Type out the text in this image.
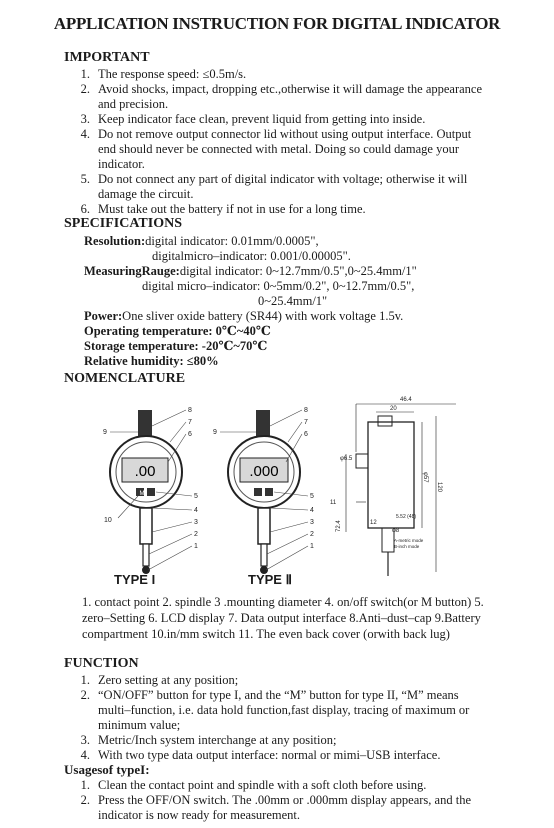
APPLICATION INSTRUCTION FOR DIGITAL INDICATOR
IMPORTANT
1. The response speed: ≤0.5m/s.
2. Avoid shocks, impact, dropping etc.,otherwise it will damage the appearance and precision.
3. Keep indicator face clean, prevent liquid from getting into inside.
4. Do not remove output connector lid without using output interface. Output end should never be connected with metal. Doing so could damage your indicator.
5. Do not connect any part of digital indicator with voltage; otherwise it will damage the circuit.
6. Must take out the battery if not in use for a long time.
SPECIFICATIONS
Resolution:digital indicator: 0.01mm/0.0005",
digitalmicro–indicator: 0.001/0.00005".
MeasuringRauge:digital indicator: 0~12.7mm/0.5",0~25.4mm/1"
digital micro–indicator: 0~5mm/0.2", 0~12.7mm/0.5",
0~25.4mm/1"
Power:One sliver oxide battery (SR44) with work voltage 1.5v.
Operating temperature: 0℃~40℃
Storage temperature: -20℃~70℃
Relative humidity: ≤80%
NOMENCLATURE
.00
M
9
8
7
6
5
4
3
2
1
10
.000
9
8
7
6
5
4
3
2
1
46.4
20
φ6.5
φ57
120
72.4
11
12
5.52 (48)
φ8
A-metric mode
B-inch mode
TYPE I	TYPE Ⅱ
1. contact point 2. spindle 3 .mounting diameter 4. on/off switch(or M button) 5. zero–Setting 6. LCD display 7. Data output interface 8.Anti–dust–cap 9.Battery compartment 10.in/mm switch 11. The even back cover (orwith back lug)
FUNCTION
1. Zero setting at any position;
2. “ON/OFF” button for type I, and the “M” button for type II, “M” means multi–function, i.e. data hold function,fast display, tracing of maximum or minimum value;
3. Metric/Inch system interchange at any position;
4. With two type data output interface: normal or mimi–USB interface.
Usagesof typeI:
1. Clean the contact point and spindle with a soft cloth before using.
2. Press the OFF/ON switch. The .00mm or .000mm display appears, and the indicator is now ready for measurement.
